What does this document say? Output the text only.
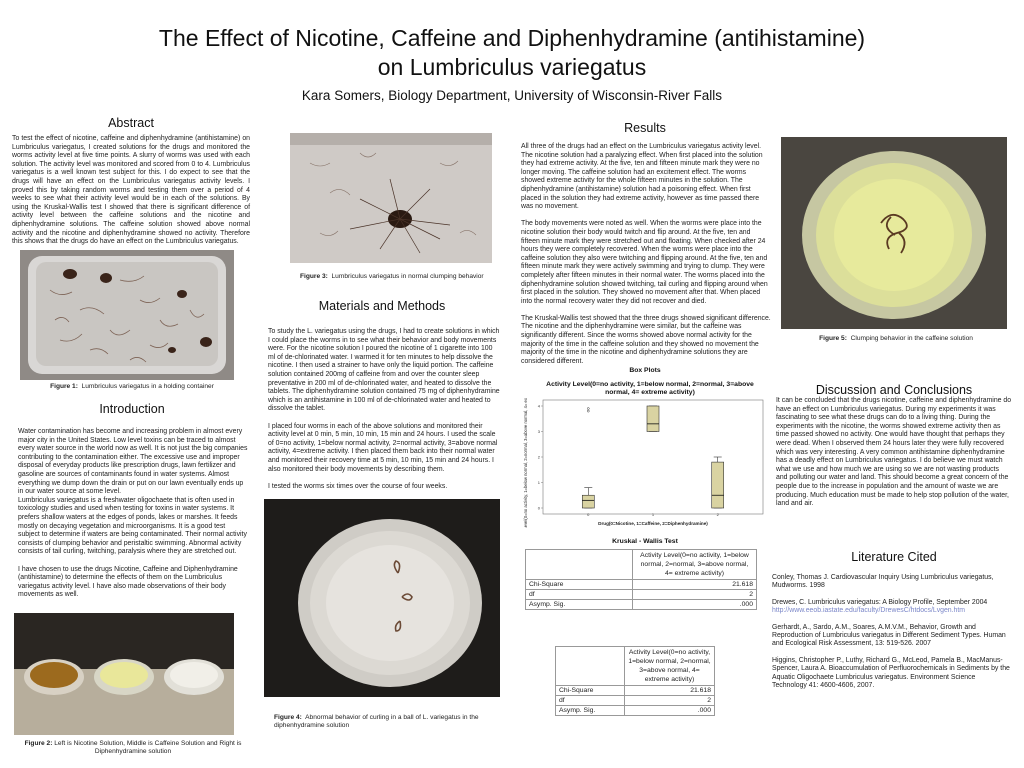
The Effect of Nicotine, Caffeine and Diphenhydramine (antihistamine)
on Lumbriculus variegatus
Kara Somers, Biology Department, University of Wisconsin-River Falls
Abstract
To test the effect of nicotine, caffeine and diphenhydramine (antihistamine) on Lumbriculus variegatus, I created solutions for the drugs and monitored the worms activity level at five time points. A slurry of worms was used with each solution. The activity level was monitored and scored from 0 to 4. Lumbriculus variegatus is a well known test subject for this. I do expect to see that the drugs will have an effect on the Lumbriculus variegatus activity levels. I proved this by taking random worms and testing them over a period of 4 weeks to see what their activity level would be in each of the solutions. By using the Kruskal-Wallis test I showed that there is significant difference of activity level between the caffeine solutions and the nicotine and diphenhydramine solutions. The caffeine solution showed above normal activity and the nicotine and diphenhydramine showed no activity. Therefore this shows that the drugs do have an effect on the Lumbriculus variegatus.
Figure 1: Lumbriculus variegatus in a holding container
Introduction

Water contamination has become and increasing problem in almost every major city in the United States. Low level toxins can be traced to almost every water source in the world now as well. It is not just the big companies contributing to the contamination either. The excessive use and improper disposal of everyday products like prescription drugs, lawn fertilizer and gasoline are sources of contaminants found in water systems. Almost everything we dump down the drain or put on our lawn eventually ends up in our water source at some level.
Lumbriculus variegatus is a freshwater oligochaete that is often used in toxicology studies and used when testing for toxins in water systems. It prefers shallow waters at the edges of ponds, lakes or marshes. It feeds mostly on decaying vegetation and microorganisms. It is a good test subject to determine if waters are being contaminated. Their normal activity consists of clumping behavior and peristaltic swimming. Abnormal activity consists of tail curling, twitching, paralysis where they are stretched out.

I have chosen to use the drugs Nicotine, Caffeine and Diphenhydramine (antihistamine) to determine the effects of them on the Lumbriculus variegatus activity level. I have also made observations of their body movements as well.

Figure 2: Left is Nicotine Solution, Middle is Caffeine Solution and Right is Diphenhydramine solution
Figure 3: Lumbriculus variegatus in normal clumping behavior
Materials and Methods

To study the L. variegatus using the drugs, I had to create solutions in which I could place the worms in to see what their behavior and body movements were. For the nicotine solution I poured the nicotine of 1 cigarette into 100 ml of de-chlorinated water. I warmed it for ten minutes to help dissolve the nicotine. I then used a strainer to have only the liquid portion. The caffeine solution contained 200mg of caffeine from and over the counter sleep preventative in 200 ml of de-chlorinated water, and heated to dissolve the tablets. The diphenhydramine solution contained 75 mg of diphenhydramine which is an antihistamine in 100 ml of de-chlorinated water and heated to dissolve the tablet.

I placed four worms in each of the above solutions and monitored their activity level at 0 min, 5 min, 10 min, 15 min and 24 hours. I used the scale of 0=no activity, 1=below normal activity, 2=normal activity, 3=above normal activity, 4=extreme activity. I then placed them back into their normal water and monitored their recovery time at 5 min, 10 min, 15 min and 24 hours. I also monitored their body movements by describing them.

I tested the worms six times over the course of four weeks.

Figure 4: Abnormal behavior of curling in a ball of L. variegatus in the diphenhydramine solution
Results

All three of the drugs had an effect on the Lumbriculus variegatus activity level. The nicotine solution had a paralyzing effect. When first placed into the solution they had extreme activity. At the five, ten and fifteen minute mark they were no longer moving. The caffeine solution had an excitement effect. The worms showed extreme activity for the whole fifteen minutes in the solution. The diphenhydramine (antihistamine) solution had a poisoning effect. When first placed in the solution they had extreme activity, however as time passed there was no movement.

The body movements were noted as well. When the worms were place into the nicotine solution their body would twitch and flip around. At the five, ten and fifteen minute mark they were stretched out and floating. When checked after 24 hours they were completely recovered. When the worms were place into the caffeine solution they also were twitching and flipping around. At the five, ten and fifteen minute mark they were actively swimming and trying to clump. They were completely after fifteen minutes in their normal water. The worms placed into the diphenhydramine solution showed twitching, tail curling and flipping around when first placed in the solution. They showed no movement after that. When placed into the normal recovery water they did not recover and died.

The Kruskal-Wallis test showed that the three drugs showed significant difference. The nicotine and the diphenhydramine were similar, but the caffeine was significantly different. Since the worms showed above normal activity for the majority of the time in the caffeine solution and they showed no movement the majority of the time in the nicotine and diphenhydramine solutions they are considered different.

Box Plots
Activity Level(0=no activity, 1=below normal, 2=normal, 3=above normal, 4= extreme activity)
Activity Level(0=no activity, 1=below normal, 2=normal, 3=above normal, 4= extreme activity)	Drug(0=Nicotine, 1=Caffeine, 2=Diphenhydramine)
0
1
2
3
4
0	1	2
Kruskal - Wallis Test
	Activity Level(0=no activity, 1=below normal, 2=normal, 3=above normal, 4= extreme activity)
Chi-Square	21.618
df	2
Asymp. Sig.	.000
	Activity Level(0=no activity, 1=below normal, 2=normal, 3=above normal, 4= extreme activity)
Chi-Square	21.618
df	2
Asymp. Sig.	.000
Figure 5: Clumping behavior in the caffeine solution
Discussion and Conclusions
It can be concluded that the drugs nicotine, caffeine and diphenhydramine do have an effect on Lumbriculus variegatus. During my experiments it was fascinating to see what these drugs can do to a living thing. During the experiments with the nicotine, the worms showed extreme activity then as time passed showed no activity. One would have thought that perhaps they were dead. When I observed them 24 hours later they were fully recovered which was very interesting. A very common antihistamine diphenhydramine has a deadly effect on Lumbriculus variegatus. I do believe we must watch what we use and how much we are using so we are not wasting products and polluting our water and land. This should become a great concern of the people due to the increase in population and the amount of waste we are producing. Much education must be made to help stop pollution of the water, land and air.
Literature Cited
Conley, Thomas J. Cardiovascular Inquiry Using Lumbriculus variegatus, Mudworms. 1998
Drewes, C. Lumbriculus variegatus: A Biology Profile, September 2004
http://www.eeob.iastate.edu/faculty/DrewesC/htdocs/Lvgen.htm
Gerhardt, A., Sardo, A.M., Soares, A.M.V.M., Behavior, Growth and Reproduction of Lumbriculus variegatus in Different Sediment Types. Human and Ecological Risk Assessment, 13: 519-526. 2007
Higgins, Christopher P., Luthy, Richard G., McLeod, Pamela B., MacManus-Spencer, Laura A. Bioaccumulation of Perfluorochemicals in Sediments by the Aquatic Oligochaete Lumbriculus variegatus. Environment Science Technology 41: 4600-4606, 2007.
